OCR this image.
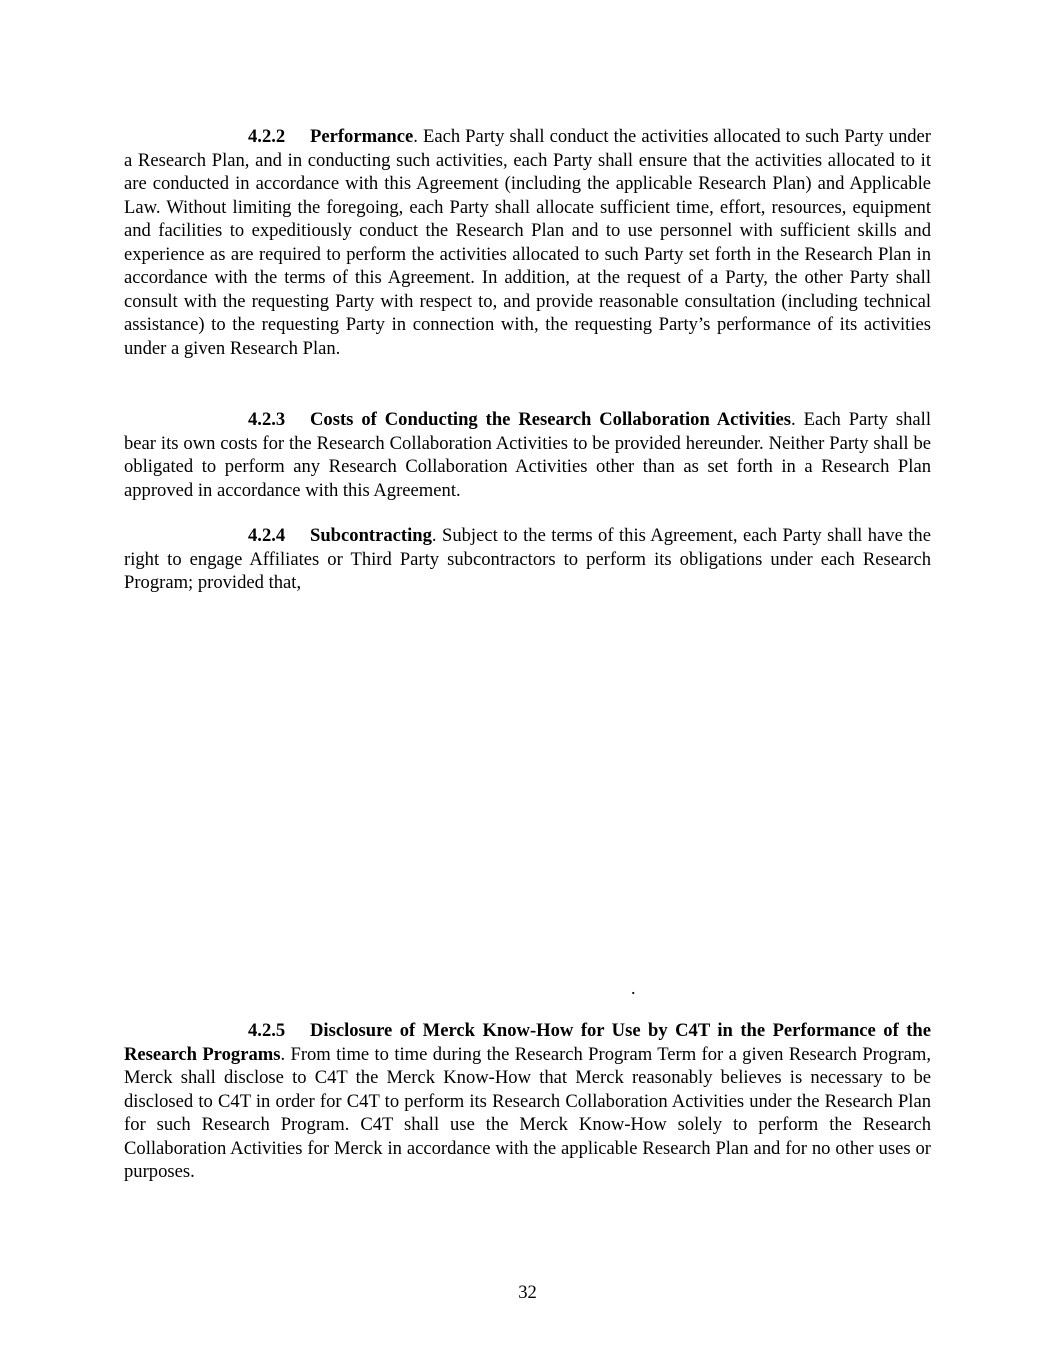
4.2.2 Performance. Each Party shall conduct the activities allocated to such Party under a Research Plan, and in conducting such activities, each Party shall ensure that the activities allocated to it are conducted in accordance with this Agreement (including the applicable Research Plan) and Applicable Law. Without limiting the foregoing, each Party shall allocate sufficient time, effort, resources, equipment and facilities to expeditiously conduct the Research Plan and to use personnel with sufficient skills and experience as are required to perform the activities allocated to such Party set forth in the Research Plan in accordance with the terms of this Agreement. In addition, at the request of a Party, the other Party shall consult with the requesting Party with respect to, and provide reasonable consultation (including technical assistance) to the requesting Party in connection with, the requesting Party’s performance of its activities under a given Research Plan.

4.2.3 Costs of Conducting the Research Collaboration Activities. Each Party shall bear its own costs for the Research Collaboration Activities to be provided hereunder. Neither Party shall be obligated to perform any Research Collaboration Activities other than as set forth in a Research Plan approved in accordance with this Agreement.

4.2.4 Subcontracting. Subject to the terms of this Agreement, each Party shall have the right to engage Affiliates or Third Party subcontractors to perform its obligations under each Research Program; provided that,

.

4.2.5 Disclosure of Merck Know-How for Use by C4T in the Performance of the Research Programs. From time to time during the Research Program Term for a given Research Program, Merck shall disclose to C4T the Merck Know-How that Merck reasonably believes is necessary to be disclosed to C4T in order for C4T to perform its Research Collaboration Activities under the Research Plan for such Research Program. C4T shall use the Merck Know-How solely to perform the Research Collaboration Activities for Merck in accordance with the applicable Research Plan and for no other uses or purposes.

32
